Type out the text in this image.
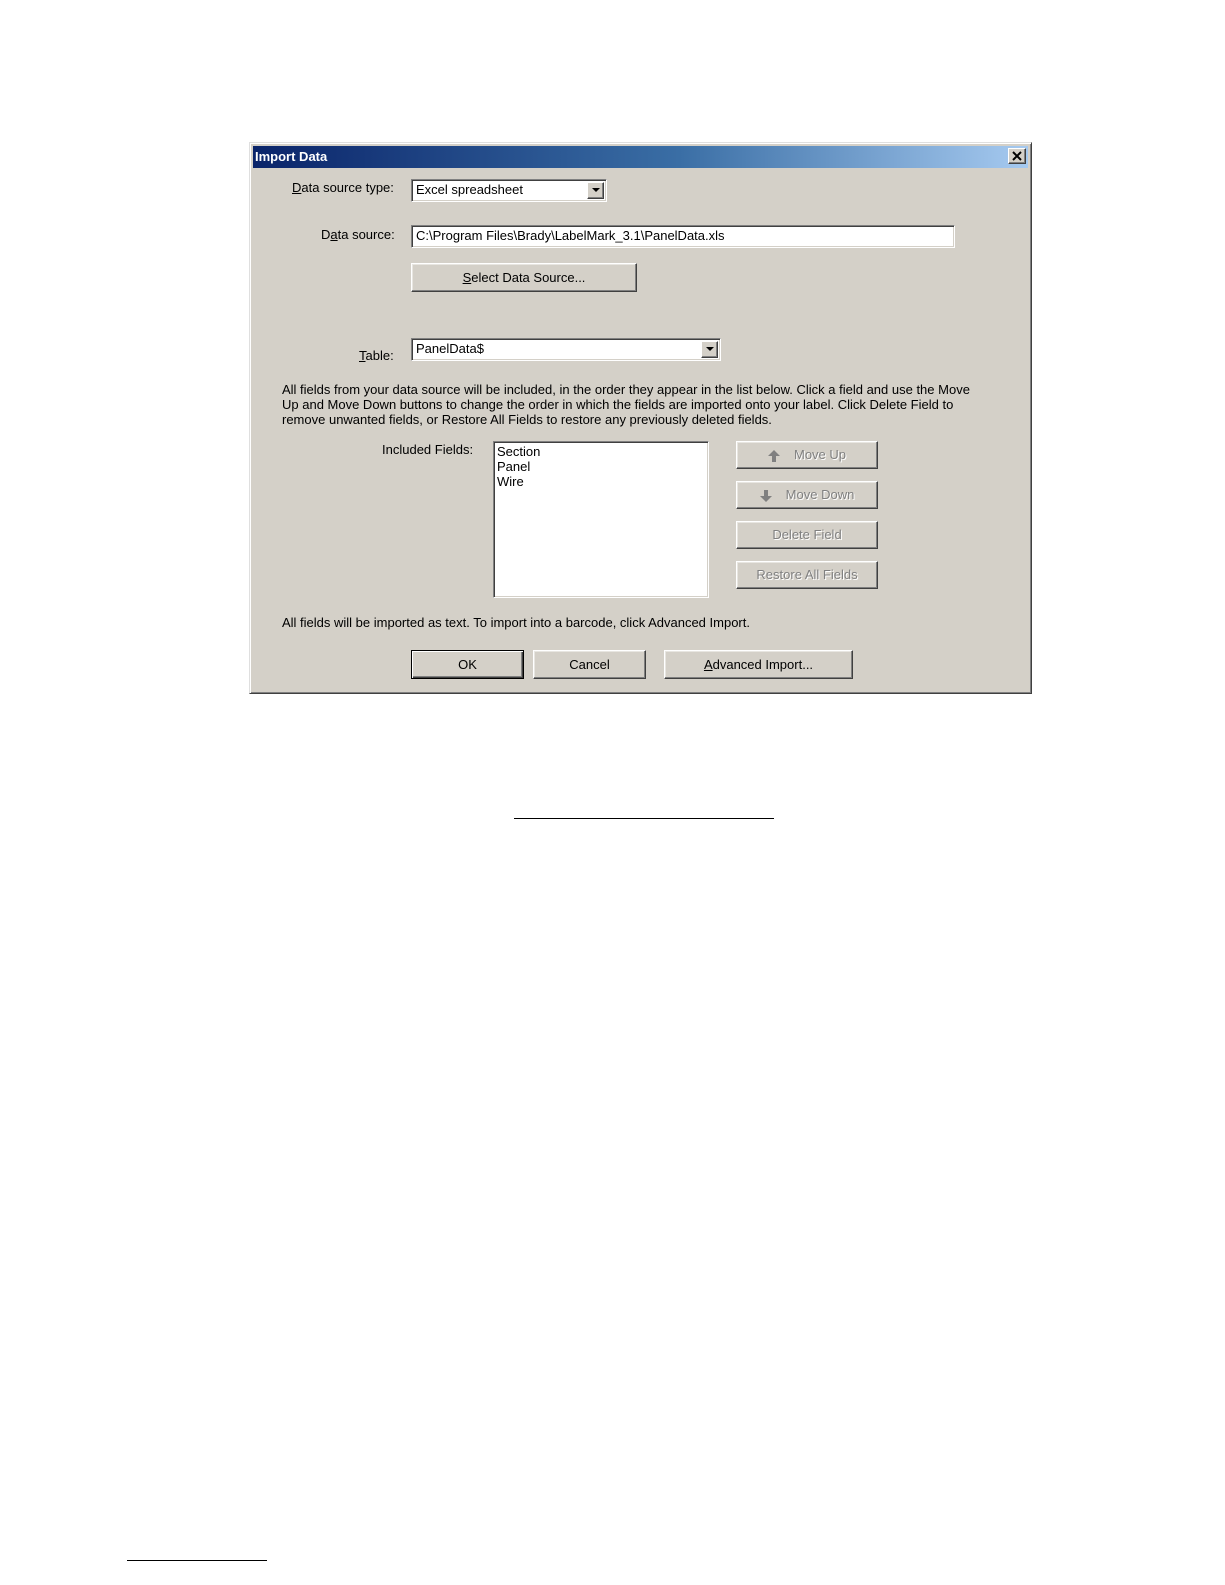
Import Data
Data source type: Excel spreadsheet
Data source: C:\Program Files\Brady\LabelMark_3.1\PanelData.xls
Select Data Source...
Table: PanelData$
Included Fields: Section
Panel
Wire
Move Up
Move Down
Delete Field
Restore All Fields
All fields will be imported as text. To import into a barcode, click Advanced Import.
OK	Cancel	Advanced Import...
All fields from your data source will be included, in the order they appear in the list below. Click a field and use the Move Up and Move Down buttons to change the order in which the fields are imported onto your label. Click Delete Field to remove unwanted fields, or Restore All Fields to restore any previously deleted fields.
